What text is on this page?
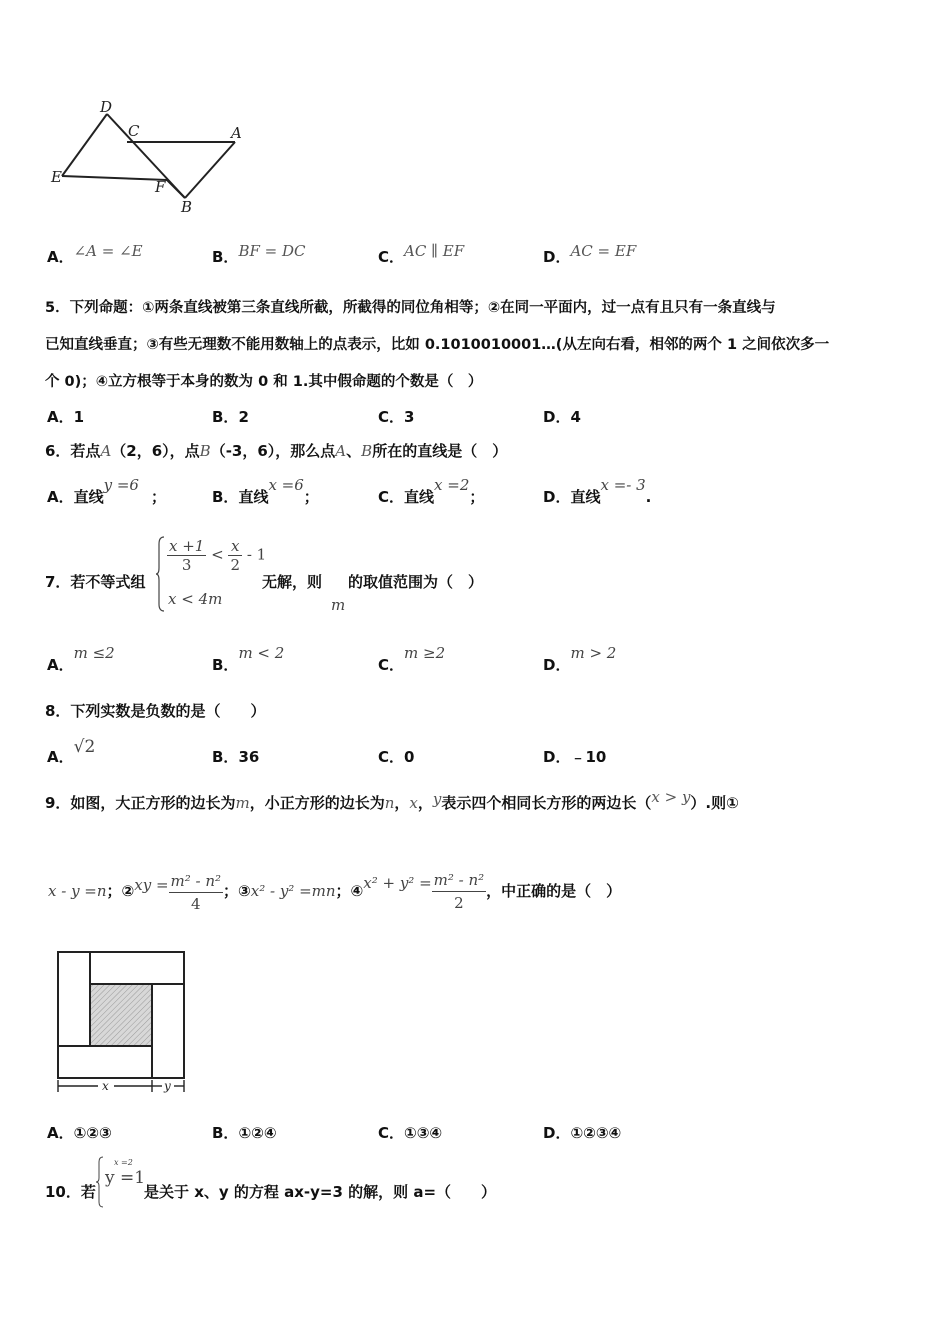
D
C	A
E
F
B
A．∠A = ∠E	B．BF = DC	C．AC ∥ EF	D．AC = EF
5．下列命题：①两条直线被第三条直线所截，所截得的同位角相等；②在同一平面内，过一点有且只有一条直线与
已知直线垂直；③有些无理数不能用数轴上的点表示，比如 0.1010010001…(从左向右看，相邻的两个 1 之间依次多一
个 0)；④立方根等于本身的数为 0 和 1.其中假命题的个数是（　）
A．1	B．2	C．3	D．4
6．若点A（2，6），点B（-3，6），那么点A、B所在的直线是（　）
A．直线y =6；	B．直线x =6；	C．直线x =2；	D．直线x =- 3.
7．若不等式组
$\frac{x +1}{3} < \frac{x}{2} - 1$
x < 4m
无解，则
m
的取值范围为（　）
A．m ≤2
B．m < 2
C．m ≥2
D．m > 2
8．下列实数是负数的是（　　）
A．√2	B．36	C．0	D．﹣10
9．如图，大正方形的边长为m，小正方形的边长为n，x，y表示四个相同长方形的两边长（x > y）.则①
x - y =n；②xy = $\frac{\text{m² - n²}}{4}$ ；③x² - y² =mn；④x² + $y^2 = \frac{\text{m² - n²}}{2}$ ，中正确的是（　）
x	y
A．①②③	B．①②④	C．①③④	D．①②③④
10．若
x =2
y =1
是关于 x、y 的方程 ax-y=3 的解，则 a=（　　）
